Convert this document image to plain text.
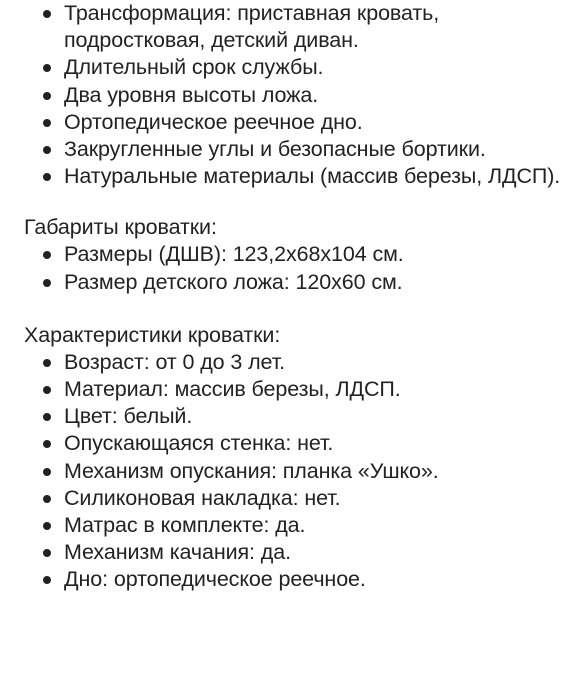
Трансформация: приставная кровать, подростковая, детский диван.
Длительный срок службы.
Два уровня высоты ложа.
Ортопедическое реечное дно.
Закругленные углы и безопасные бортики.
Натуральные материалы (массив березы, ЛДСП).

Габариты кроватки:

Размеры (ДШВ): 123,2х68х104 см.
Размер детского ложа: 120х60 см.

Характеристики кроватки:

Возраст: от 0 до 3 лет.
Материал: массив березы, ЛДСП.
Цвет: белый.
Опускающаяся стенка: нет.
Механизм опускания: планка «Ушко».
Силиконовая накладка: нет.
Матрас в комплекте: да.
Механизм качания: да.
Дно: ортопедическое реечное.
